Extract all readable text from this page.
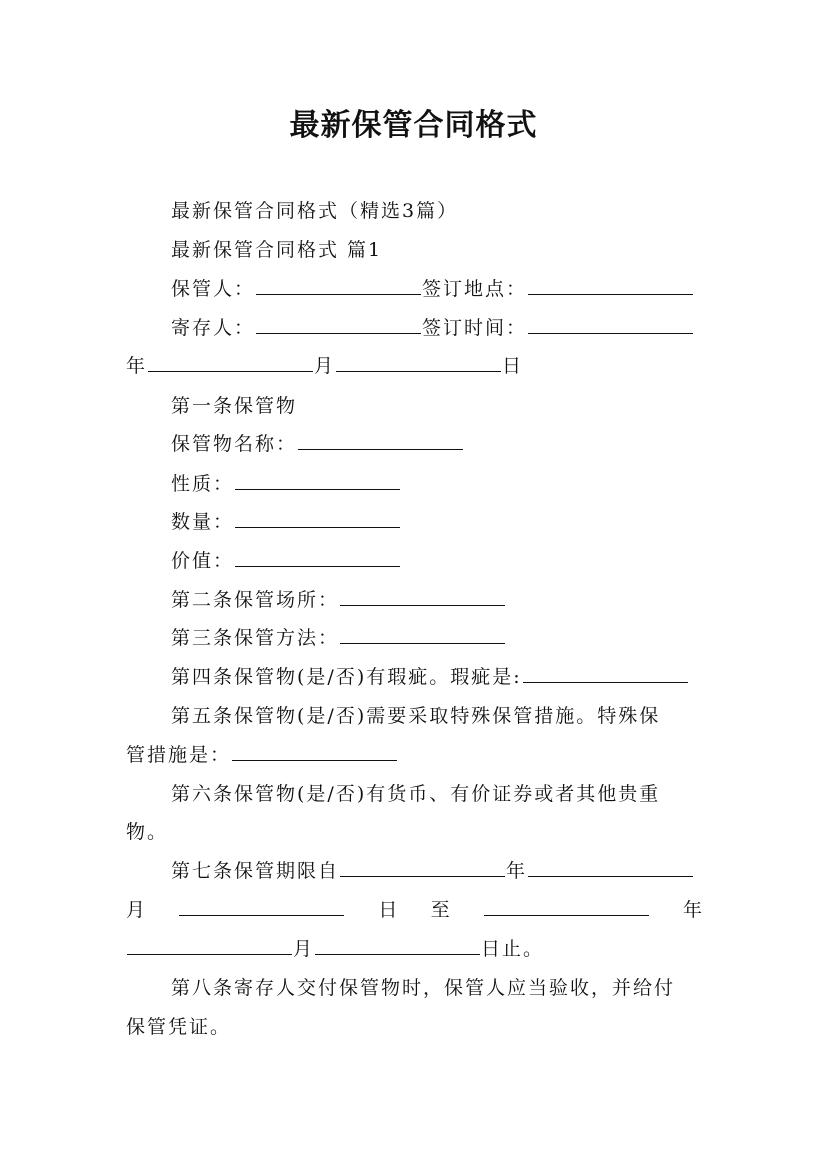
最新保管合同格式
最新保管合同格式（精选3篇）
最新保管合同格式 篇1
保管人：	签订地点：
寄存人：	签订时间：
年	月	日
第一条保管物
保管物名称：
性质：
数量：
价值：
第二条保管场所：
第三条保管方法：
第四条保管物(是/否)有瑕疵。瑕疵是:
第五条保管物(是/否)需要采取特殊保管措施。特殊保
管措施是：
第六条保管物(是/否)有货币、有价证券或者其他贵重
物。
第七条保管期限自	年
月	日 至	年
月	日止。
第八条寄存人交付保管物时，保管人应当验收，并给付
保管凭证。
